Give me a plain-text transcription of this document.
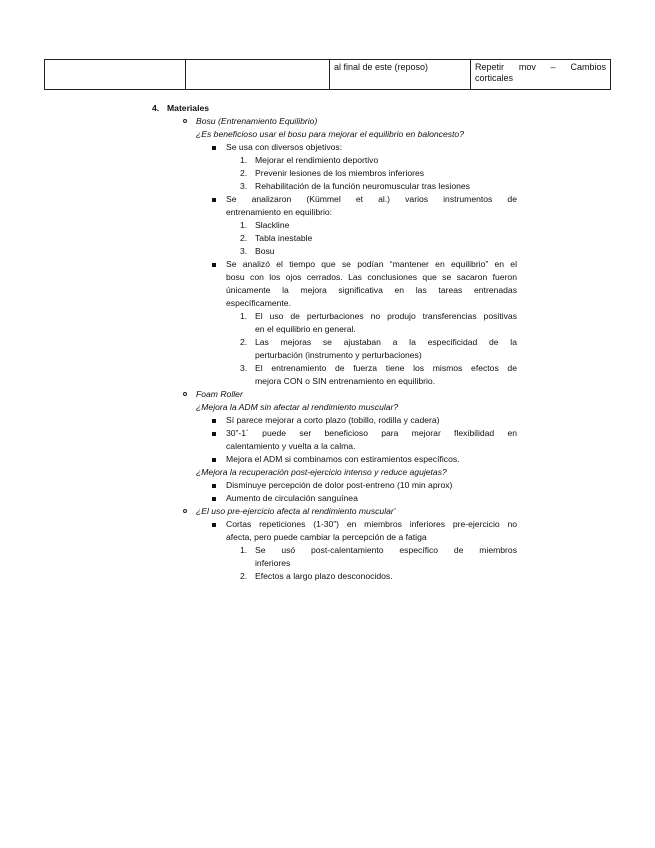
		al final de este (reposo)	Repetir mov – Cambios corticales
4. Materiales
Bosu (Entrenamiento Equilibrio)
¿Es beneficioso usar el bosu para mejorar el equilibrio en baloncesto?
Se usa con diversos objetivos:
1. Mejorar el rendimiento deportivo
2. Prevenir lesiones de los miembros inferiores
3. Rehabilitación de la función neuromuscular tras lesiones
Se analizaron (Kümmel et al.) varios instrumentos de
entrenamiento en equilibrio:
1. Slackline
2. Tabla inestable
3. Bosu
Se analizó el tiempo que se podían “mantener en equilibrio” en el
bosu con los ojos cerrados. Las conclusiones que se sacaron fueron
únicamente la mejora significativa en las tareas entrenadas
específicamente.
1. El uso de perturbaciones no produjo transferencias positivas
en el equilibrio en general.
2. Las mejoras se ajustaban a la especificidad de la
perturbación (instrumento y perturbaciones)
3. El entrenamiento de fuerza tiene los mismos efectos de
mejora CON o SIN entrenamiento en equilibrio.
Foam Roller
¿Mejora la ADM sin afectar al rendimiento muscular?
Sí parece mejorar a corto plazo (tobillo, rodilla y cadera)
30”-1´ puede ser beneficioso para mejorar flexibilidad en
calentamiento y vuelta a la calma.
Mejora el ADM si combinamos con estiramientos específicos.
¿Mejora la recuperación post-ejercicio intenso y reduce agujetas?
Disminuye percepción de dolor post-entreno (10 min aprox)
Aumento de circulación sanguínea
¿El uso pre-ejercicio afecta al rendimiento muscular'
Cortas repeticiones (1-30”) en miembros inferiores pre-ejercicio no
afecta, pero puede cambiar la percepción de a fatiga
1. Se usó post-calentamiento específico de miembros
inferiores
2. Efectos a largo plazo desconocidos.
